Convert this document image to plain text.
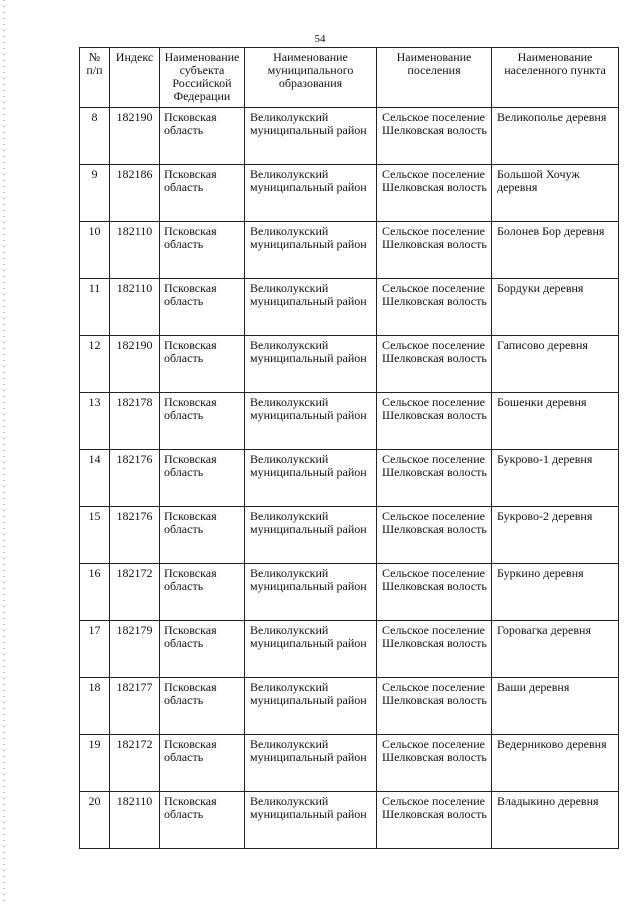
54
№ п/п	Индекс	Наименование субъекта Российской Федерации	Наименование муниципального образования	Наименование поселения	Наименование населенного пункта
8	182190	Псковская область	Великолукский муниципальный район	Сельское поселение Шелковская волость	Великополье деревня
9	182186	Псковская область	Великолукский муниципальный район	Сельское поселение Шелковская волость	Большой Хочуж деревня
10	182110	Псковская область	Великолукский муниципальный район	Сельское поселение Шелковская волость	Болонев Бор деревня
11	182110	Псковская область	Великолукский муниципальный район	Сельское поселение Шелковская волость	Бордуки деревня
12	182190	Псковская область	Великолукский муниципальный район	Сельское поселение Шелковская волость	Гаписово деревня
13	182178	Псковская область	Великолукский муниципальный район	Сельское поселение Шелковская волость	Бошенки деревня
14	182176	Псковская область	Великолукский муниципальный район	Сельское поселение Шелковская волость	Букрово-1 деревня
15	182176	Псковская область	Великолукский муниципальный район	Сельское поселение Шелковская волость	Букрово-2 деревня
16	182172	Псковская область	Великолукский муниципальный район	Сельское поселение Шелковская волость	Буркино деревня
17	182179	Псковская область	Великолукский муниципальный район	Сельское поселение Шелковская волость	Горовагка деревня
18	182177	Псковская область	Великолукский муниципальный район	Сельское поселение Шелковская волость	Ваши деревня
19	182172	Псковская область	Великолукский муниципальный район	Сельское поселение Шелковская волость	Ведерниково деревня
20	182110	Псковская область	Великолукский муниципальный район	Сельское поселение Шелковская волость	Владыкино деревня
